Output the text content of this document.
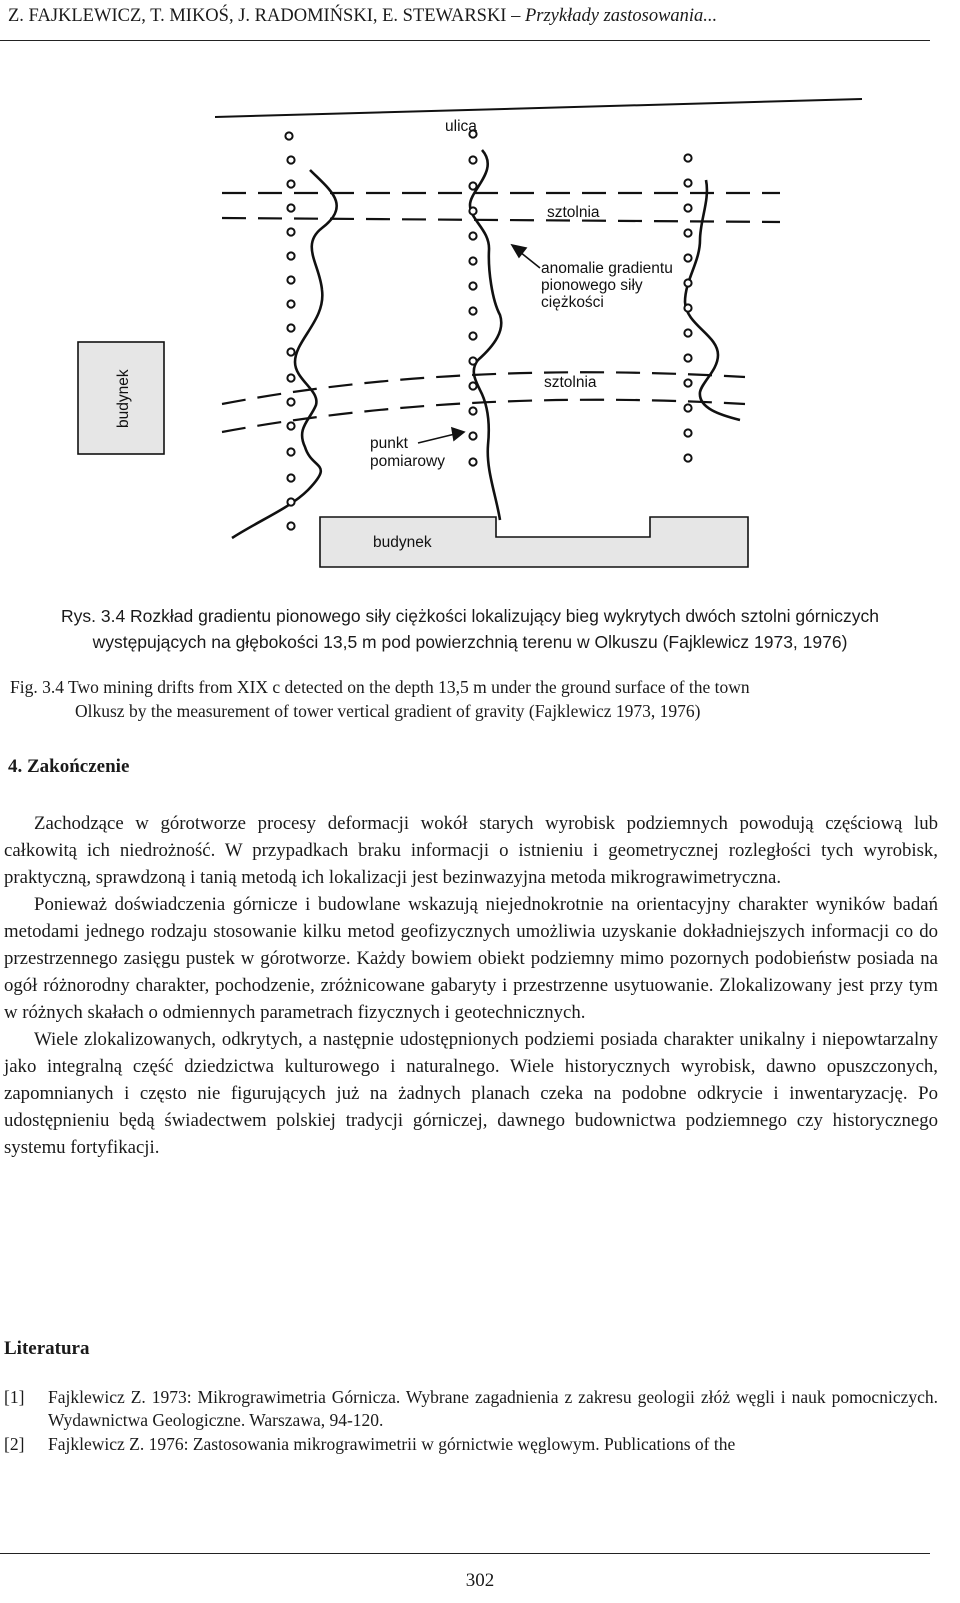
Z. FAJKLEWICZ, T. MIKOŚ, J. RADOMIŃSKI, E. STEWARSKI – Przykłady zastosowania...
ulica
sztolnia
anomalie gradientu
pionowego siły
ciężkości
sztolnia
budynek
punkt
pomiarowy
budynek
Rys. 3.4 Rozkład gradientu pionowego siły ciężkości lokalizujący bieg wykrytych dwóch sztolni górniczych występujących na głębokości 13,5 m pod powierzchnią terenu w Olkuszu (Fajklewicz 1973, 1976)
Fig. 3.4 Two mining drifts from XIX c detected on the depth 13,5 m under the ground surface of the town
Olkusz by the measurement of tower vertical gradient of gravity (Fajklewicz 1973, 1976)
4. Zakończenie

Zachodzące w górotworze procesy deformacji wokół starych wyrobisk podziemnych powodują częściową lub całkowitą ich niedrożność. W przypadkach braku informacji o istnieniu i geometrycznej rozległości tych wyrobisk, praktyczną, sprawdzoną i tanią metodą ich lokalizacji jest bezinwazyjna metoda mikrograwimetryczna.

Ponieważ doświadczenia górnicze i budowlane wskazują niejednokrotnie na orientacyjny charakter wyników badań metodami jednego rodzaju stosowanie kilku metod geofizycznych umożliwia uzyskanie dokładniejszych informacji co do przestrzennego zasięgu pustek w górotworze. Każdy bowiem obiekt podziemny mimo pozornych podobieństw posiada na ogół różnorodny charakter, pochodzenie, zróżnicowane gabaryty i przestrzenne usytuowanie. Zlokalizowany jest przy tym w różnych skałach o odmiennych parametrach fizycznych i geotechnicznych.

Wiele zlokalizowanych, odkrytych, a następnie udostępnionych podziemi posiada charakter unikalny i niepowtarzalny jako integralną część dziedzictwa kulturowego i naturalnego. Wiele historycznych wyrobisk, dawno opuszczonych, zapomnianych i często nie figurujących już na żadnych planach czeka na podobne odkrycie i inwentaryzację. Po udostępnieniu będą świadectwem polskiej tradycji górniczej, dawnego budownictwa podziemnego czy historycznego systemu fortyfikacji.

Literatura
[1] Fajklewicz Z. 1973: Mikrograwimetria Górnicza. Wybrane zagadnienia z zakresu geologii złóż węgli i nauk pomocniczych. Wydawnictwa Geologiczne. Warszawa, 94-120.
[2] Fajklewicz Z. 1976: Zastosowania mikrograwimetrii w górnictwie węglowym. Publications of the
302
